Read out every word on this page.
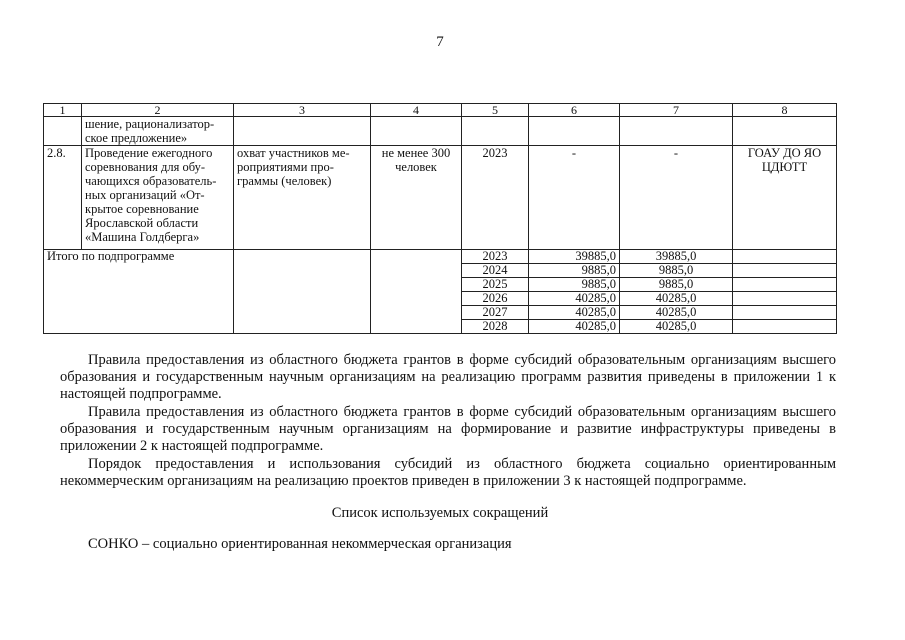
7
1	2	3	4	5	6	7	8
	шение, рационализатор-ское предложение»						
2.8.	Проведение ежегодного соревнования для обу-чающихся образователь-ных организаций «От-крытое соревнование Ярославской области «Машина Голдберга»	охват участников ме-роприятиями про-граммы (человек)	не менее 300 человек	2023	-	-	ГОАУ ДО ЯО ЦДЮТТ
Итого по подпрограмме				2023	39885,0	39885,0	
				2024	9885,0	9885,0	
				2025	9885,0	9885,0	
				2026	40285,0	40285,0	
				2027	40285,0	40285,0	
				2028	40285,0	40285,0	

Правила предоставления из областного бюджета грантов в форме субсидий образовательным организациям высшего образования и государственным научным организациям на реализацию программ развития приведены в приложении 1 к настоящей подпрограмме.

Правила предоставления из областного бюджета грантов в форме субсидий образовательным организациям высшего образования и государственным научным организациям на формирование и развитие инфраструктуры приведены в приложении 2 к настоящей подпрограмме.

Порядок предоставления и использования субсидий из областного бюджета социально ориентированным некоммерческим организациям на реализацию проектов приведен в приложении 3 к настоящей подпрограмме.

Список используемых сокращений
СОНКО – социально ориентированная некоммерческая организация
